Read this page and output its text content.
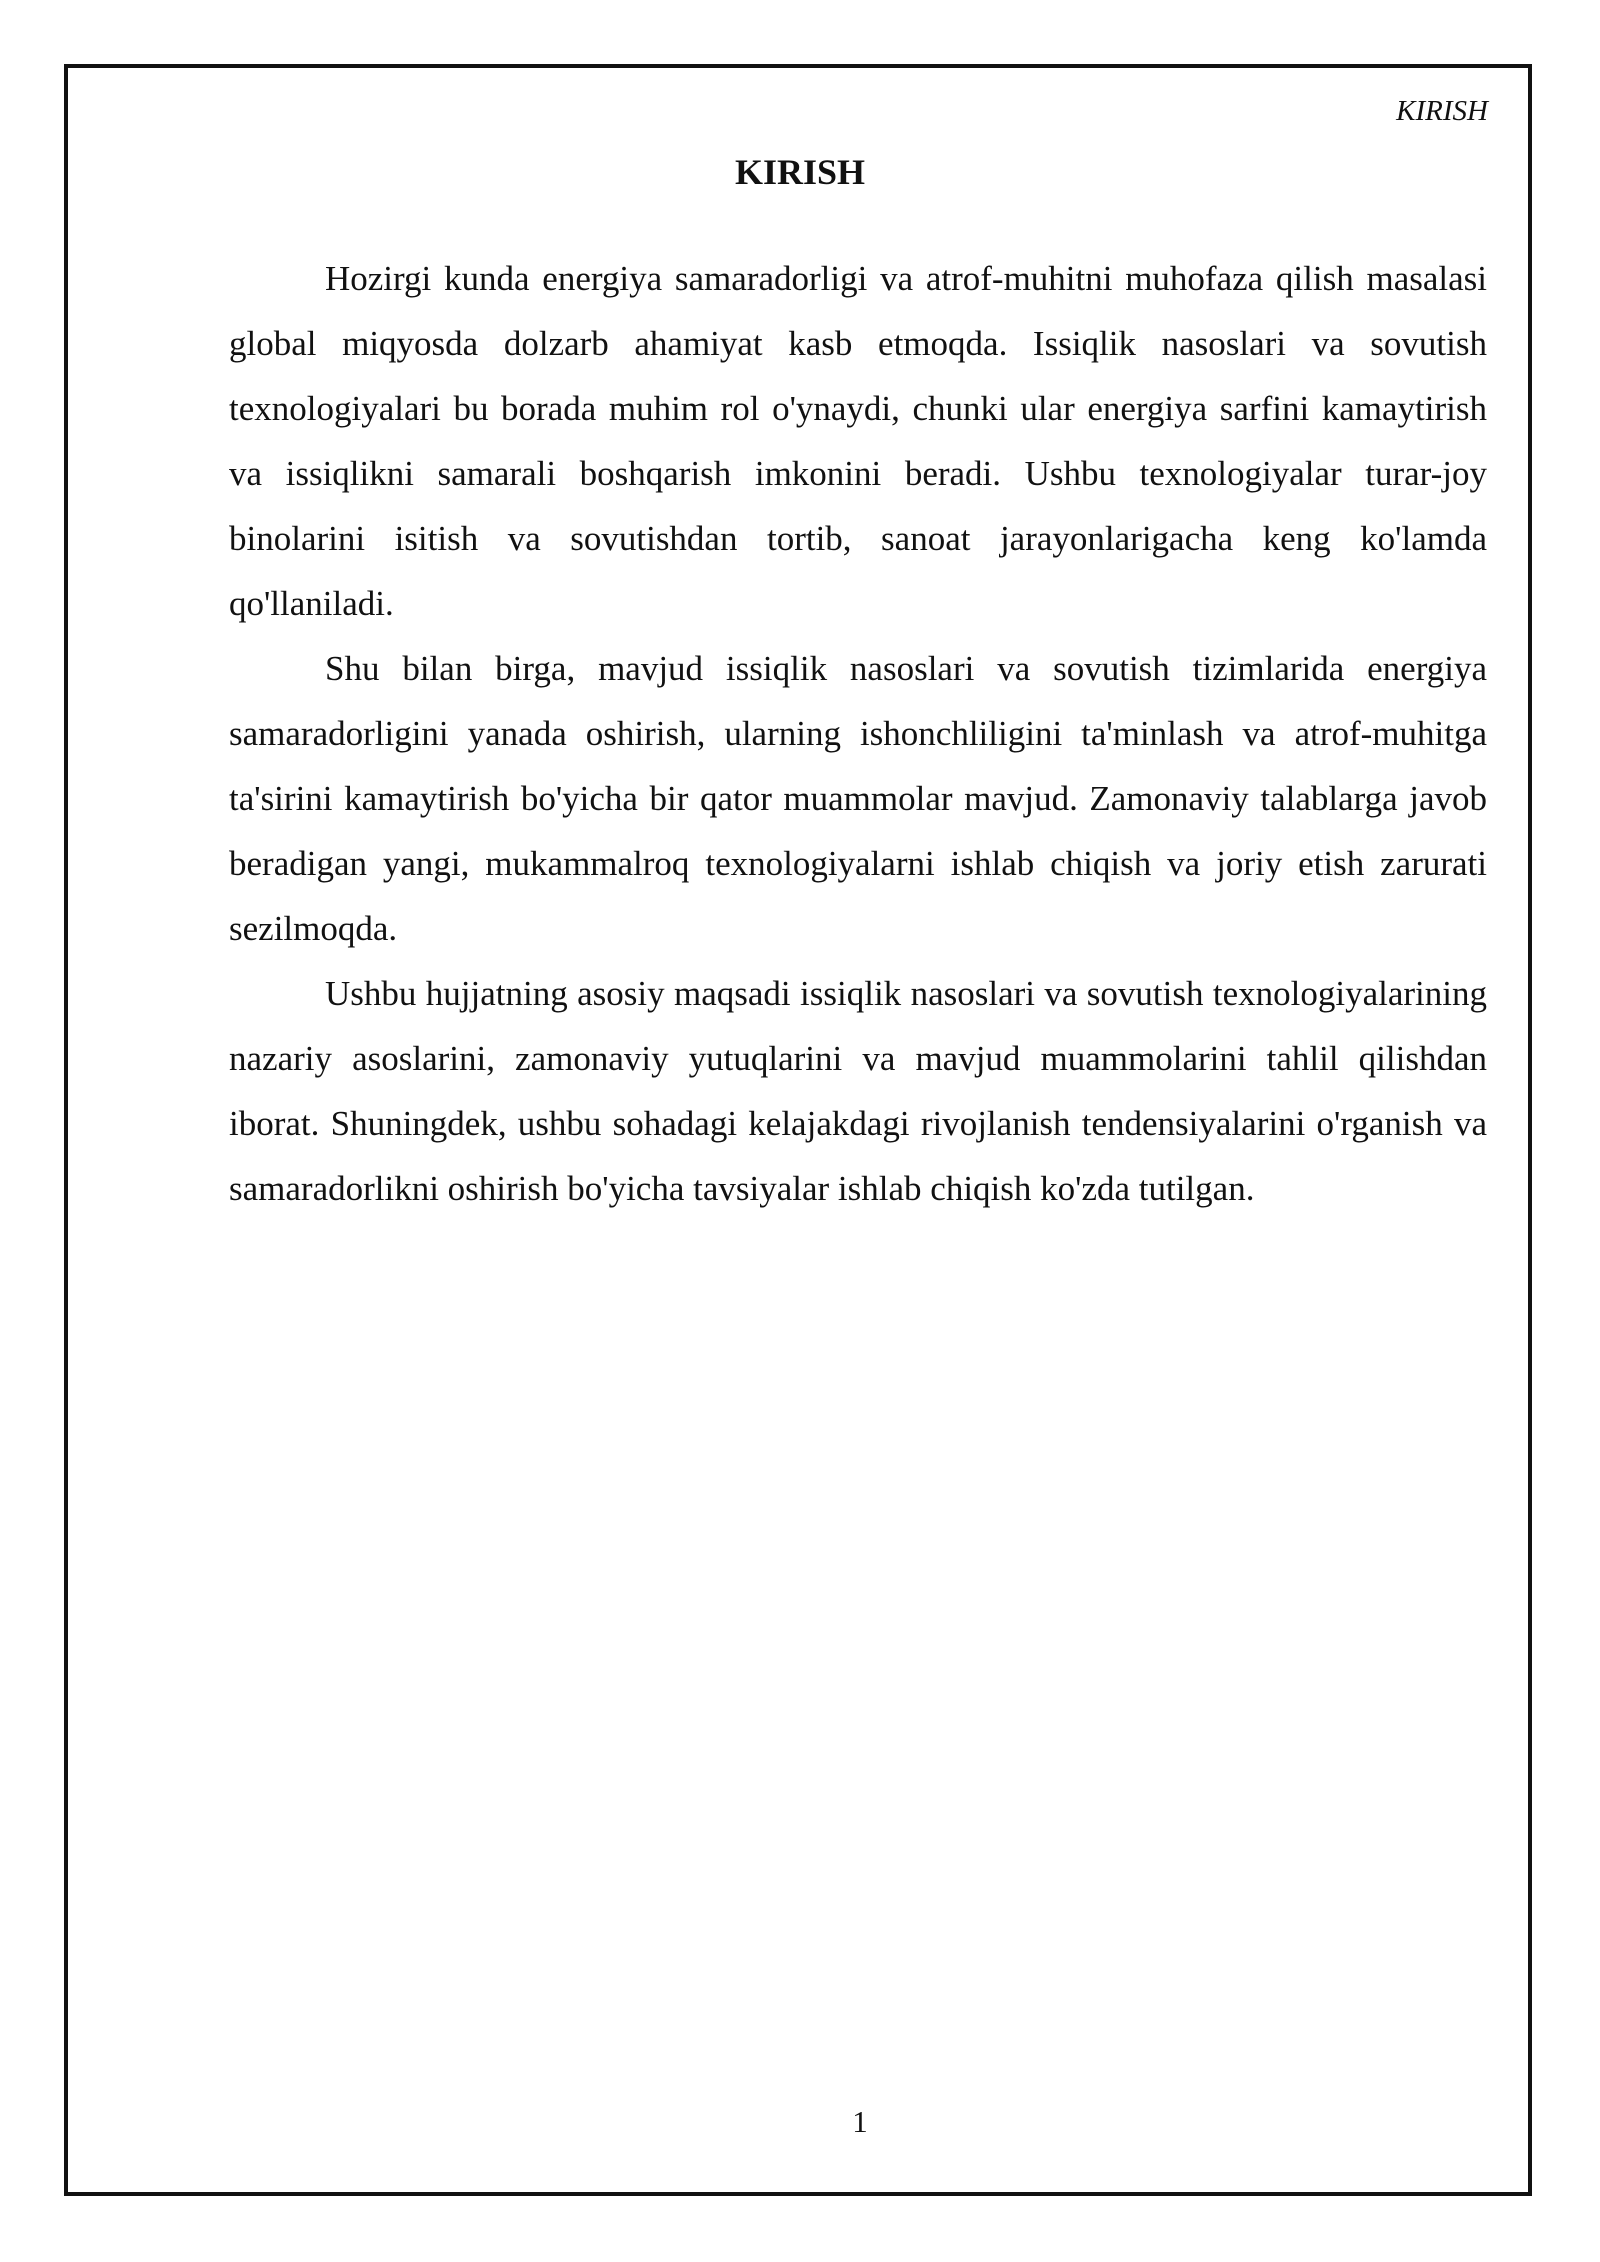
KIRISH
KIRISH

Hozirgi kunda energiya samaradorligi va atrof-muhitni muhofaza qilish masalasi global miqyosda dolzarb ahamiyat kasb etmoqda. Issiqlik nasoslari va sovutish texnologiyalari bu borada muhim rol o'ynaydi, chunki ular energiya sarfini kamaytirish va issiqlikni samarali boshqarish imkonini beradi. Ushbu texnologiyalar turar-joy binolarini isitish va sovutishdan tortib, sanoat jarayonlarigacha keng ko'lamda qo'llaniladi.

Shu bilan birga, mavjud issiqlik nasoslari va sovutish tizimlarida energiya samaradorligini yanada oshirish, ularning ishonchliligini ta'minlash va atrof-muhitga ta'sirini kamaytirish bo'yicha bir qator muammolar mavjud. Zamonaviy talablarga javob beradigan yangi, mukammalroq texnologiyalarni ishlab chiqish va joriy etish zarurati sezilmoqda.

Ushbu hujjatning asosiy maqsadi issiqlik nasoslari va sovutish texnologiyalarining nazariy asoslarini, zamonaviy yutuqlarini va mavjud muammolarini tahlil qilishdan iborat. Shuningdek, ushbu sohadagi kelajakdagi rivojlanish tendensiyalarini o'rganish va samaradorlikni oshirish bo'yicha tavsiyalar ishlab chiqish ko'zda tutilgan.

1
